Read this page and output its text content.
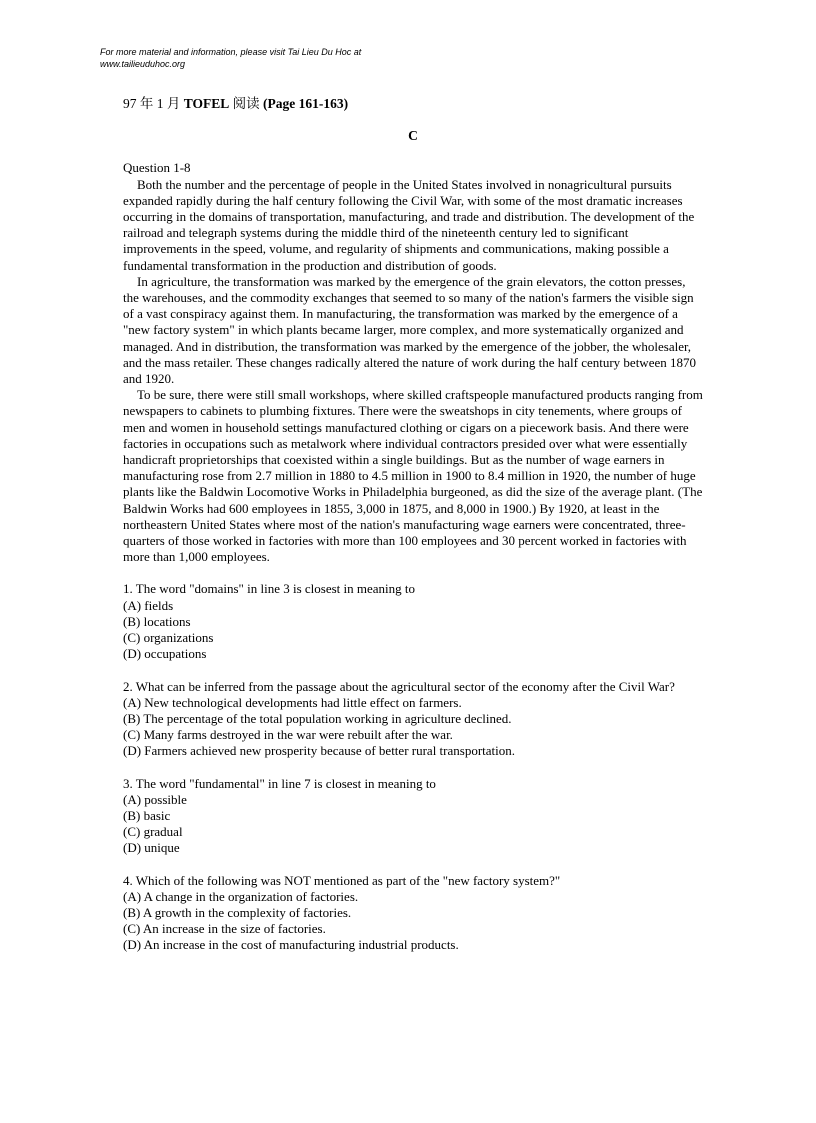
For more material and information, please visit Tai Lieu Du Hoc at
www.tailieuduhoc.org
97 年 1 月 TOFEL 阅读 (Page 161-163)
C
Question 1-8

Both the number and the percentage of people in the United States involved in nonagricultural pursuits expanded rapidly during the half century following the Civil War, with some of the most dramatic increases occurring in the domains of transportation, manufacturing, and trade and distribution. The development of the railroad and telegraph systems during the middle third of the nineteenth century led to significant improvements in the speed, volume, and regularity of shipments and communications, making possible a fundamental transformation in the production and distribution of goods.

In agriculture, the transformation was marked by the emergence of the grain elevators, the cotton presses, the warehouses, and the commodity exchanges that seemed to so many of the nation's farmers the visible sign of a vast conspiracy against them. In manufacturing, the transformation was marked by the emergence of a "new factory system" in which plants became larger, more complex, and more systematically organized and managed. And in distribution, the transformation was marked by the emergence of the jobber, the wholesaler, and the mass retailer. These changes radically altered the nature of work during the half century between 1870 and 1920.

To be sure, there were still small workshops, where skilled craftspeople manufactured products ranging from newspapers to cabinets to plumbing fixtures. There were the sweatshops in city tenements, where groups of men and women in household settings manufactured clothing or cigars on a piecework basis. And there were factories in occupations such as metalwork where individual contractors presided over what were essentially handicraft proprietorships that coexisted within a single buildings. But as the number of wage earners in manufacturing rose from 2.7 million in 1880 to 4.5 million in 1900 to 8.4 million in 1920, the number of huge plants like the Baldwin Locomotive Works in Philadelphia burgeoned, as did the size of the average plant. (The Baldwin Works had 600 employees in 1855, 3,000 in 1875, and 8,000 in 1900.) By 1920, at least in the northeastern United States where most of the nation's manufacturing wage earners were concentrated, three-quarters of those worked in factories with more than 100 employees and 30 percent worked in factories with more than 1,000 employees.

1. The word "domains" in line 3 is closest in meaning to
(A) fields
(B) locations
(C) organizations
(D) occupations
2. What can be inferred from the passage about the agricultural sector of the economy after the Civil War?
(A) New technological developments had little effect on farmers.
(B) The percentage of the total population working in agriculture declined.
(C) Many farms destroyed in the war were rebuilt after the war.
(D) Farmers achieved new prosperity because of better rural transportation.
3. The word "fundamental" in line 7 is closest in meaning to
(A) possible
(B) basic
(C) gradual
(D) unique
4. Which of the following was NOT mentioned as part of the "new factory system?"
(A) A change in the organization of factories.
(B) A growth in the complexity of factories.
(C) An increase in the size of factories.
(D) An increase in the cost of manufacturing industrial products.
